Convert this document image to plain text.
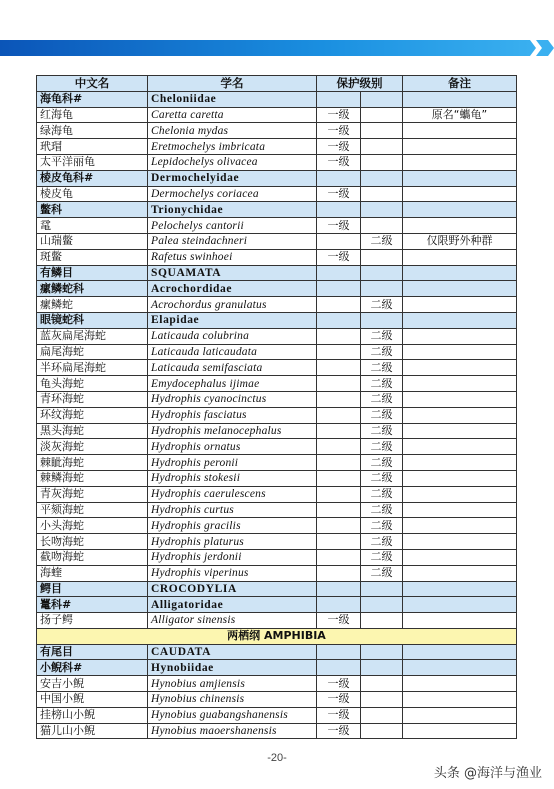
中文名	学名	保护级别		备注
海龟科#	Cheloniidae			
红海龟	Caretta caretta	一级		原名“蠵龟”
绿海龟	Chelonia mydas	一级		
玳瑁	Eretmochelys imbricata	一级		
太平洋丽龟	Lepidochelys olivacea	一级		
棱皮龟科#	Dermochelyidae			
棱皮龟	Dermochelys coriacea	一级		
鳖科	Trionychidae			
鼋	Pelochelys cantorii	一级		
山瑞鳖	Palea steindachneri		二级	仅限野外种群
斑鳖	Rafetus swinhoei	一级		
有鳞目	SQUAMATA			
瘰鳞蛇科	Acrochordidae			
瘰鳞蛇	Acrochordus granulatus		二级	
眼镜蛇科	Elapidae			
蓝灰扁尾海蛇	Laticauda colubrina		二级	
扁尾海蛇	Laticauda laticaudata		二级	
半环扁尾海蛇	Laticauda semifasciata		二级	
龟头海蛇	Emydocephalus ijimae		二级	
青环海蛇	Hydrophis cyanocinctus		二级	
环纹海蛇	Hydrophis fasciatus		二级	
黑头海蛇	Hydrophis melanocephalus		二级	
淡灰海蛇	Hydrophis ornatus		二级	
棘眦海蛇	Hydrophis peronii		二级	
棘鳞海蛇	Hydrophis stokesii		二级	
青灰海蛇	Hydrophis caerulescens		二级	
平颏海蛇	Hydrophis curtus		二级	
小头海蛇	Hydrophis gracilis		二级	
长吻海蛇	Hydrophis platurus		二级	
截吻海蛇	Hydrophis jerdonii		二级	
海蝰	Hydrophis viperinus		二级	
鳄目	CROCODYLIA			
鼍科#	Alligatoridae			
扬子鳄	Alligator sinensis	一级		
两栖纲 AMPHIBIA				
有尾目	CAUDATA			
小鲵科#	Hynobiidae			
安吉小鲵	Hynobius amjiensis	一级		
中国小鲵	Hynobius chinensis	一级		
挂榜山小鲵	Hynobius guabangshanensis	一级		
猫儿山小鲵	Hynobius maoershanensis	一级		
-20-
头条 @海洋与渔业
